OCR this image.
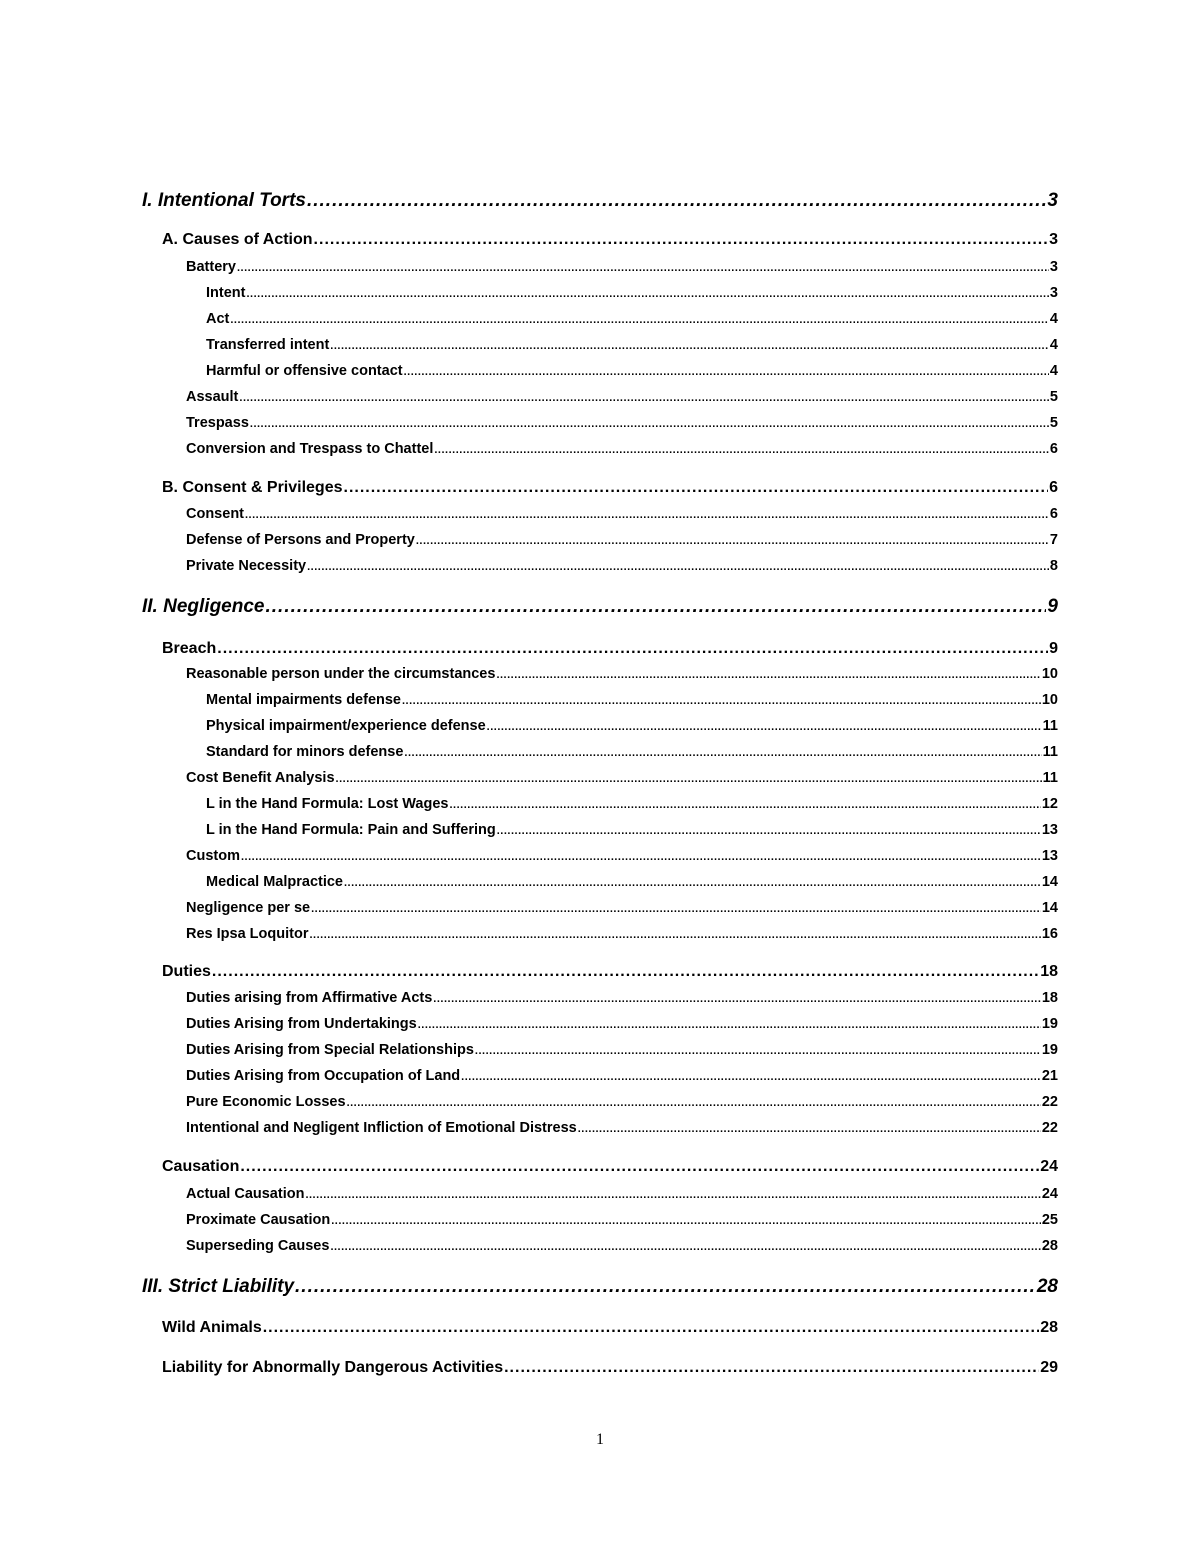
I. Intentional Torts .....	3
A. Causes of Action .....	3
Battery .....	3
Intent .....	3
Act .....	4
Transferred intent .....	4
Harmful or offensive contact .....	4
Assault .....	5
Trespass .....	5
Conversion and Trespass to Chattel .....	6
B. Consent & Privileges .....	6
Consent .....	6
Defense of Persons and Property .....	7
Private Necessity .....	8
II. Negligence .....	9
Breach .....	9
Reasonable person under the circumstances .....	10
Mental impairments defense .....	10
Physical impairment/experience defense .....	11
Standard for minors defense .....	11
Cost Benefit Analysis .....	11
L in the Hand Formula: Lost Wages .....	12
L in the Hand Formula: Pain and Suffering .....	13
Custom .....	13
Medical Malpractice .....	14
Negligence per se .....	14
Res Ipsa Loquitor .....	16
Duties .....	18
Duties arising from Affirmative Acts .....	18
Duties Arising from Undertakings .....	19
Duties Arising from Special Relationships .....	19
Duties Arising from Occupation of Land .....	21
Pure Economic Losses .....	22
Intentional and Negligent Infliction of Emotional Distress .....	22
Causation .....	24
Actual Causation .....	24
Proximate Causation .....	25
Superseding Causes .....	28
III. Strict Liability .....	28
Wild Animals .....	28
Liability for Abnormally Dangerous Activities .....	29
1
